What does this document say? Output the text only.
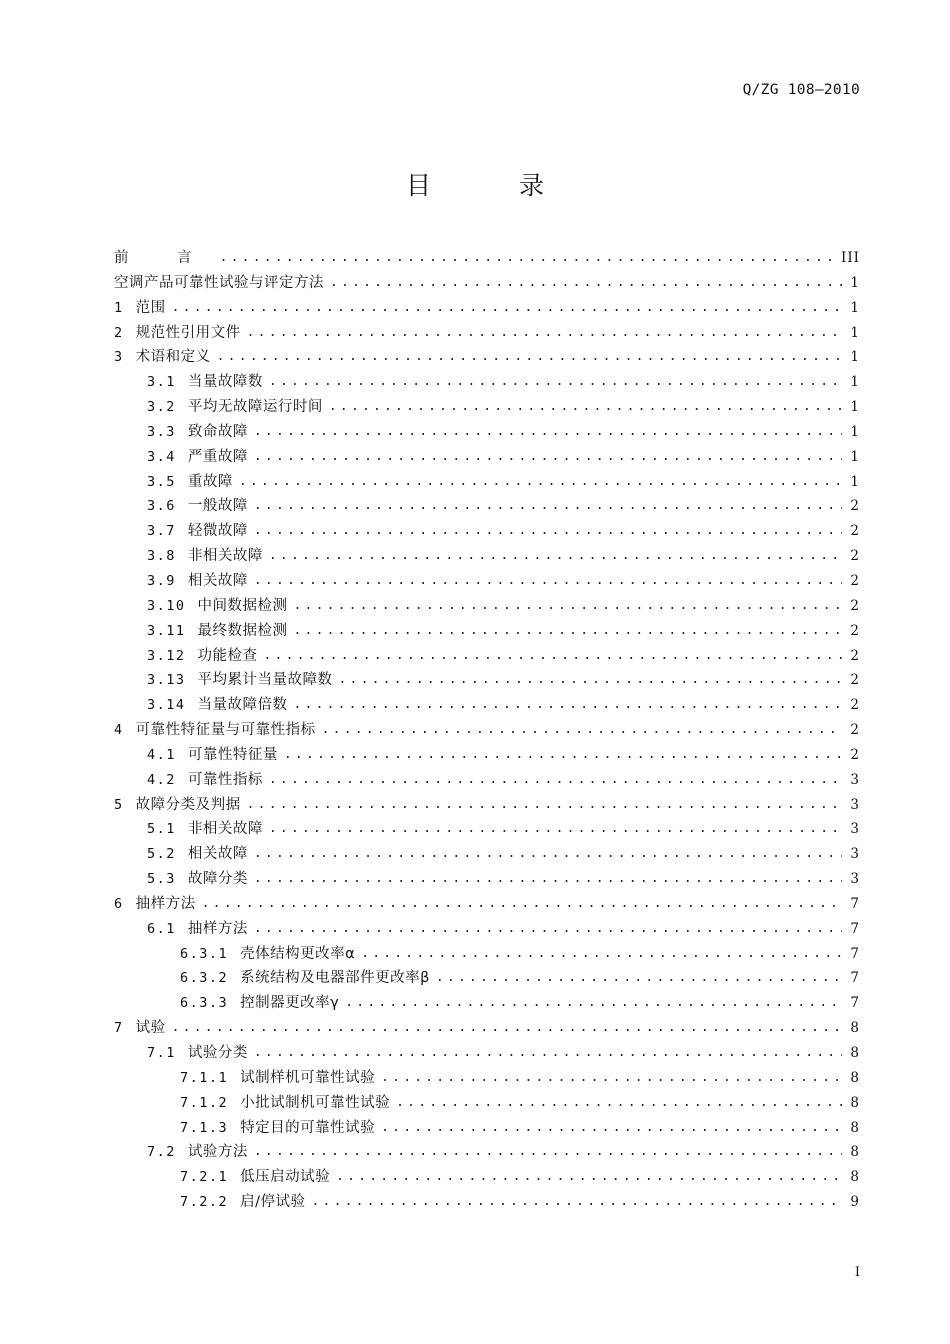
Q/ZG 108—2010
目 录
前 言 .....	III
空调产品可靠性试验与评定方法 .....	1
1 范围 .....	1
2 规范性引用文件 .....	1
3 术语和定义 .....	1
3.1 当量故障数 .....	1
3.2 平均无故障运行时间 .....	1
3.3 致命故障 .....	1
3.4 严重故障 .....	1
3.5 重故障 .....	1
3.6 一般故障 .....	2
3.7 轻微故障 .....	2
3.8 非相关故障 .....	2
3.9 相关故障 .....	2
3.10 中间数据检测 .....	2
3.11 最终数据检测 .....	2
3.12 功能检查 .....	2
3.13 平均累计当量故障数 .....	2
3.14 当量故障倍数 .....	2
4 可靠性特征量与可靠性指标 .....	2
4.1 可靠性特征量 .....	2
4.2 可靠性指标 .....	3
5 故障分类及判据 .....	3
5.1 非相关故障 .....	3
5.2 相关故障 .....	3
5.3 故障分类 .....	3
6 抽样方法 .....	7
6.1 抽样方法 .....	7
6.3.1 壳体结构更改率α .....	7
6.3.2 系统结构及电器部件更改率β .....	7
6.3.3 控制器更改率γ .....	7
7 试验 .....	8
7.1 试验分类 .....	8
7.1.1 试制样机可靠性试验 .....	8
7.1.2 小批试制机可靠性试验 .....	8
7.1.3 特定目的可靠性试验 .....	8
7.2 试验方法 .....	8
7.2.1 低压启动试验 .....	8
7.2.2 启/停试验 .....	9
I
